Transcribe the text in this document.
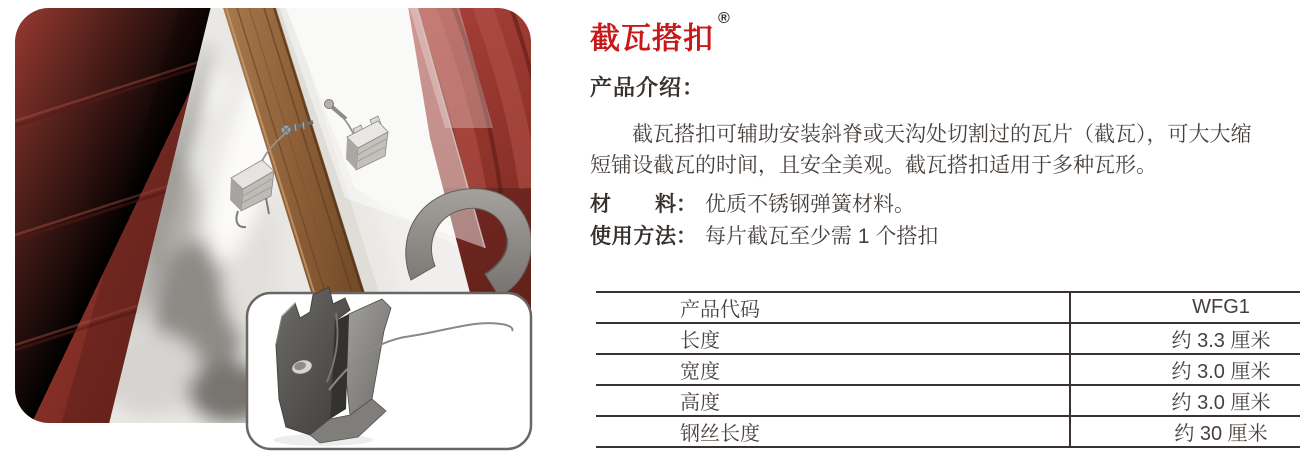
截瓦搭扣®
产品介绍：

截瓦搭扣可辅助安装斜脊或天沟处切割过的瓦片（截瓦），可大大缩
短铺设截瓦的时间，且安全美观。截瓦搭扣适用于多种瓦形。

材料： 优质不锈钢弹簧材料。
使用方法： 每片截瓦至少需 1 个搭扣
产品代码	WFG1
长度	约 3.3 厘米
宽度	约 3.0 厘米
高度	约 3.0 厘米
钢丝长度	约 30 厘米
